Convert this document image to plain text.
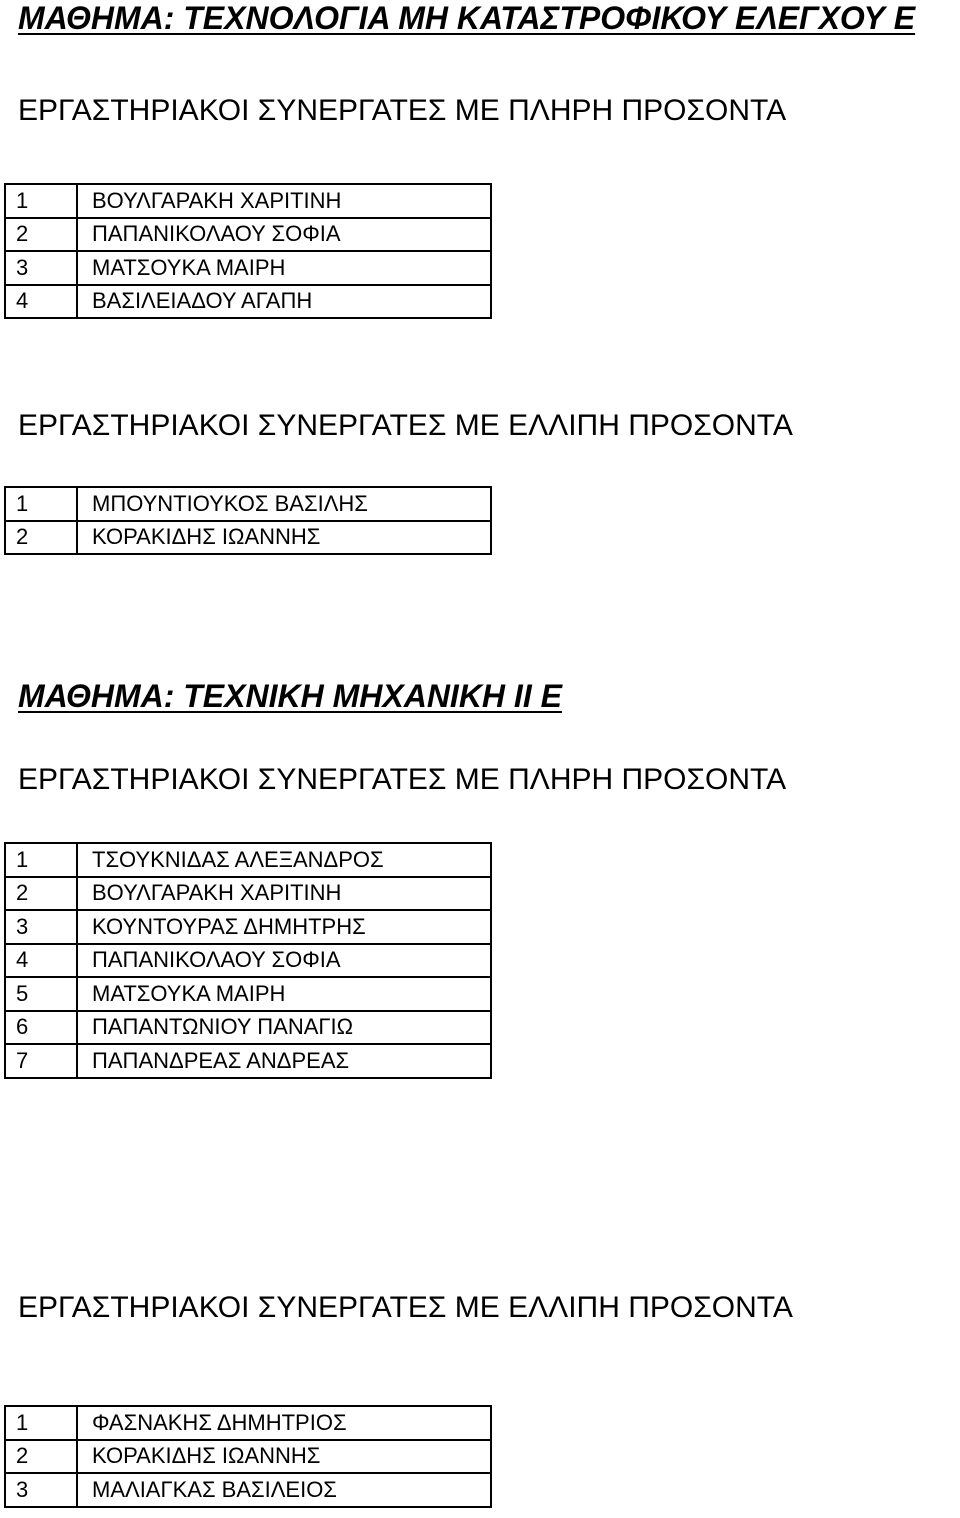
ΜΑΘΗΜΑ: ΤΕΧΝΟΛΟΓΙΑ ΜΗ ΚΑΤΑΣΤΡΟΦΙΚΟΥ ΕΛΕΓΧΟΥ Ε
ΕΡΓΑΣΤΗΡΙΑΚΟΙ ΣΥΝΕΡΓΑΤΕΣ ΜΕ ΠΛΗΡΗ ΠΡΟΣΟΝΤΑ
1	ΒΟΥΛΓΑΡΑΚΗ ΧΑΡΙΤΙΝΗ
2	ΠΑΠΑΝΙΚΟΛΑΟΥ ΣΟΦΙΑ
3	ΜΑΤΣΟΥΚΑ ΜΑΙΡΗ
4	ΒΑΣΙΛΕΙΑΔΟΥ ΑΓΑΠΗ
ΕΡΓΑΣΤΗΡΙΑΚΟΙ ΣΥΝΕΡΓΑΤΕΣ ΜΕ ΕΛΛΙΠΗ ΠΡΟΣΟΝΤΑ
1	ΜΠΟΥΝΤΙΟΥΚΟΣ ΒΑΣΙΛΗΣ
2	ΚΟΡΑΚΙΔΗΣ ΙΩΑΝΝΗΣ
ΜΑΘΗΜΑ: ΤΕΧΝΙΚΗ ΜΗΧΑΝΙΚΗ ΙΙ Ε
ΕΡΓΑΣΤΗΡΙΑΚΟΙ ΣΥΝΕΡΓΑΤΕΣ ΜΕ ΠΛΗΡΗ ΠΡΟΣΟΝΤΑ
1	ΤΣΟΥΚΝΙΔΑΣ ΑΛΕΞΑΝΔΡΟΣ
2	ΒΟΥΛΓΑΡΑΚΗ ΧΑΡΙΤΙΝΗ
3	ΚΟΥΝΤΟΥΡΑΣ ΔΗΜΗΤΡΗΣ
4	ΠΑΠΑΝΙΚΟΛΑΟΥ ΣΟΦΙΑ
5	ΜΑΤΣΟΥΚΑ ΜΑΙΡΗ
6	ΠΑΠΑΝΤΩΝΙΟΥ ΠΑΝΑΓΙΩ
7	ΠΑΠΑΝΔΡΕΑΣ ΑΝΔΡΕΑΣ
ΕΡΓΑΣΤΗΡΙΑΚΟΙ ΣΥΝΕΡΓΑΤΕΣ ΜΕ ΕΛΛΙΠΗ ΠΡΟΣΟΝΤΑ
1	ΦΑΣΝΑΚΗΣ ΔΗΜΗΤΡΙΟΣ
2	ΚΟΡΑΚΙΔΗΣ ΙΩΑΝΝΗΣ
3	ΜΑΛΙΑΓΚΑΣ ΒΑΣΙΛΕΙΟΣ
